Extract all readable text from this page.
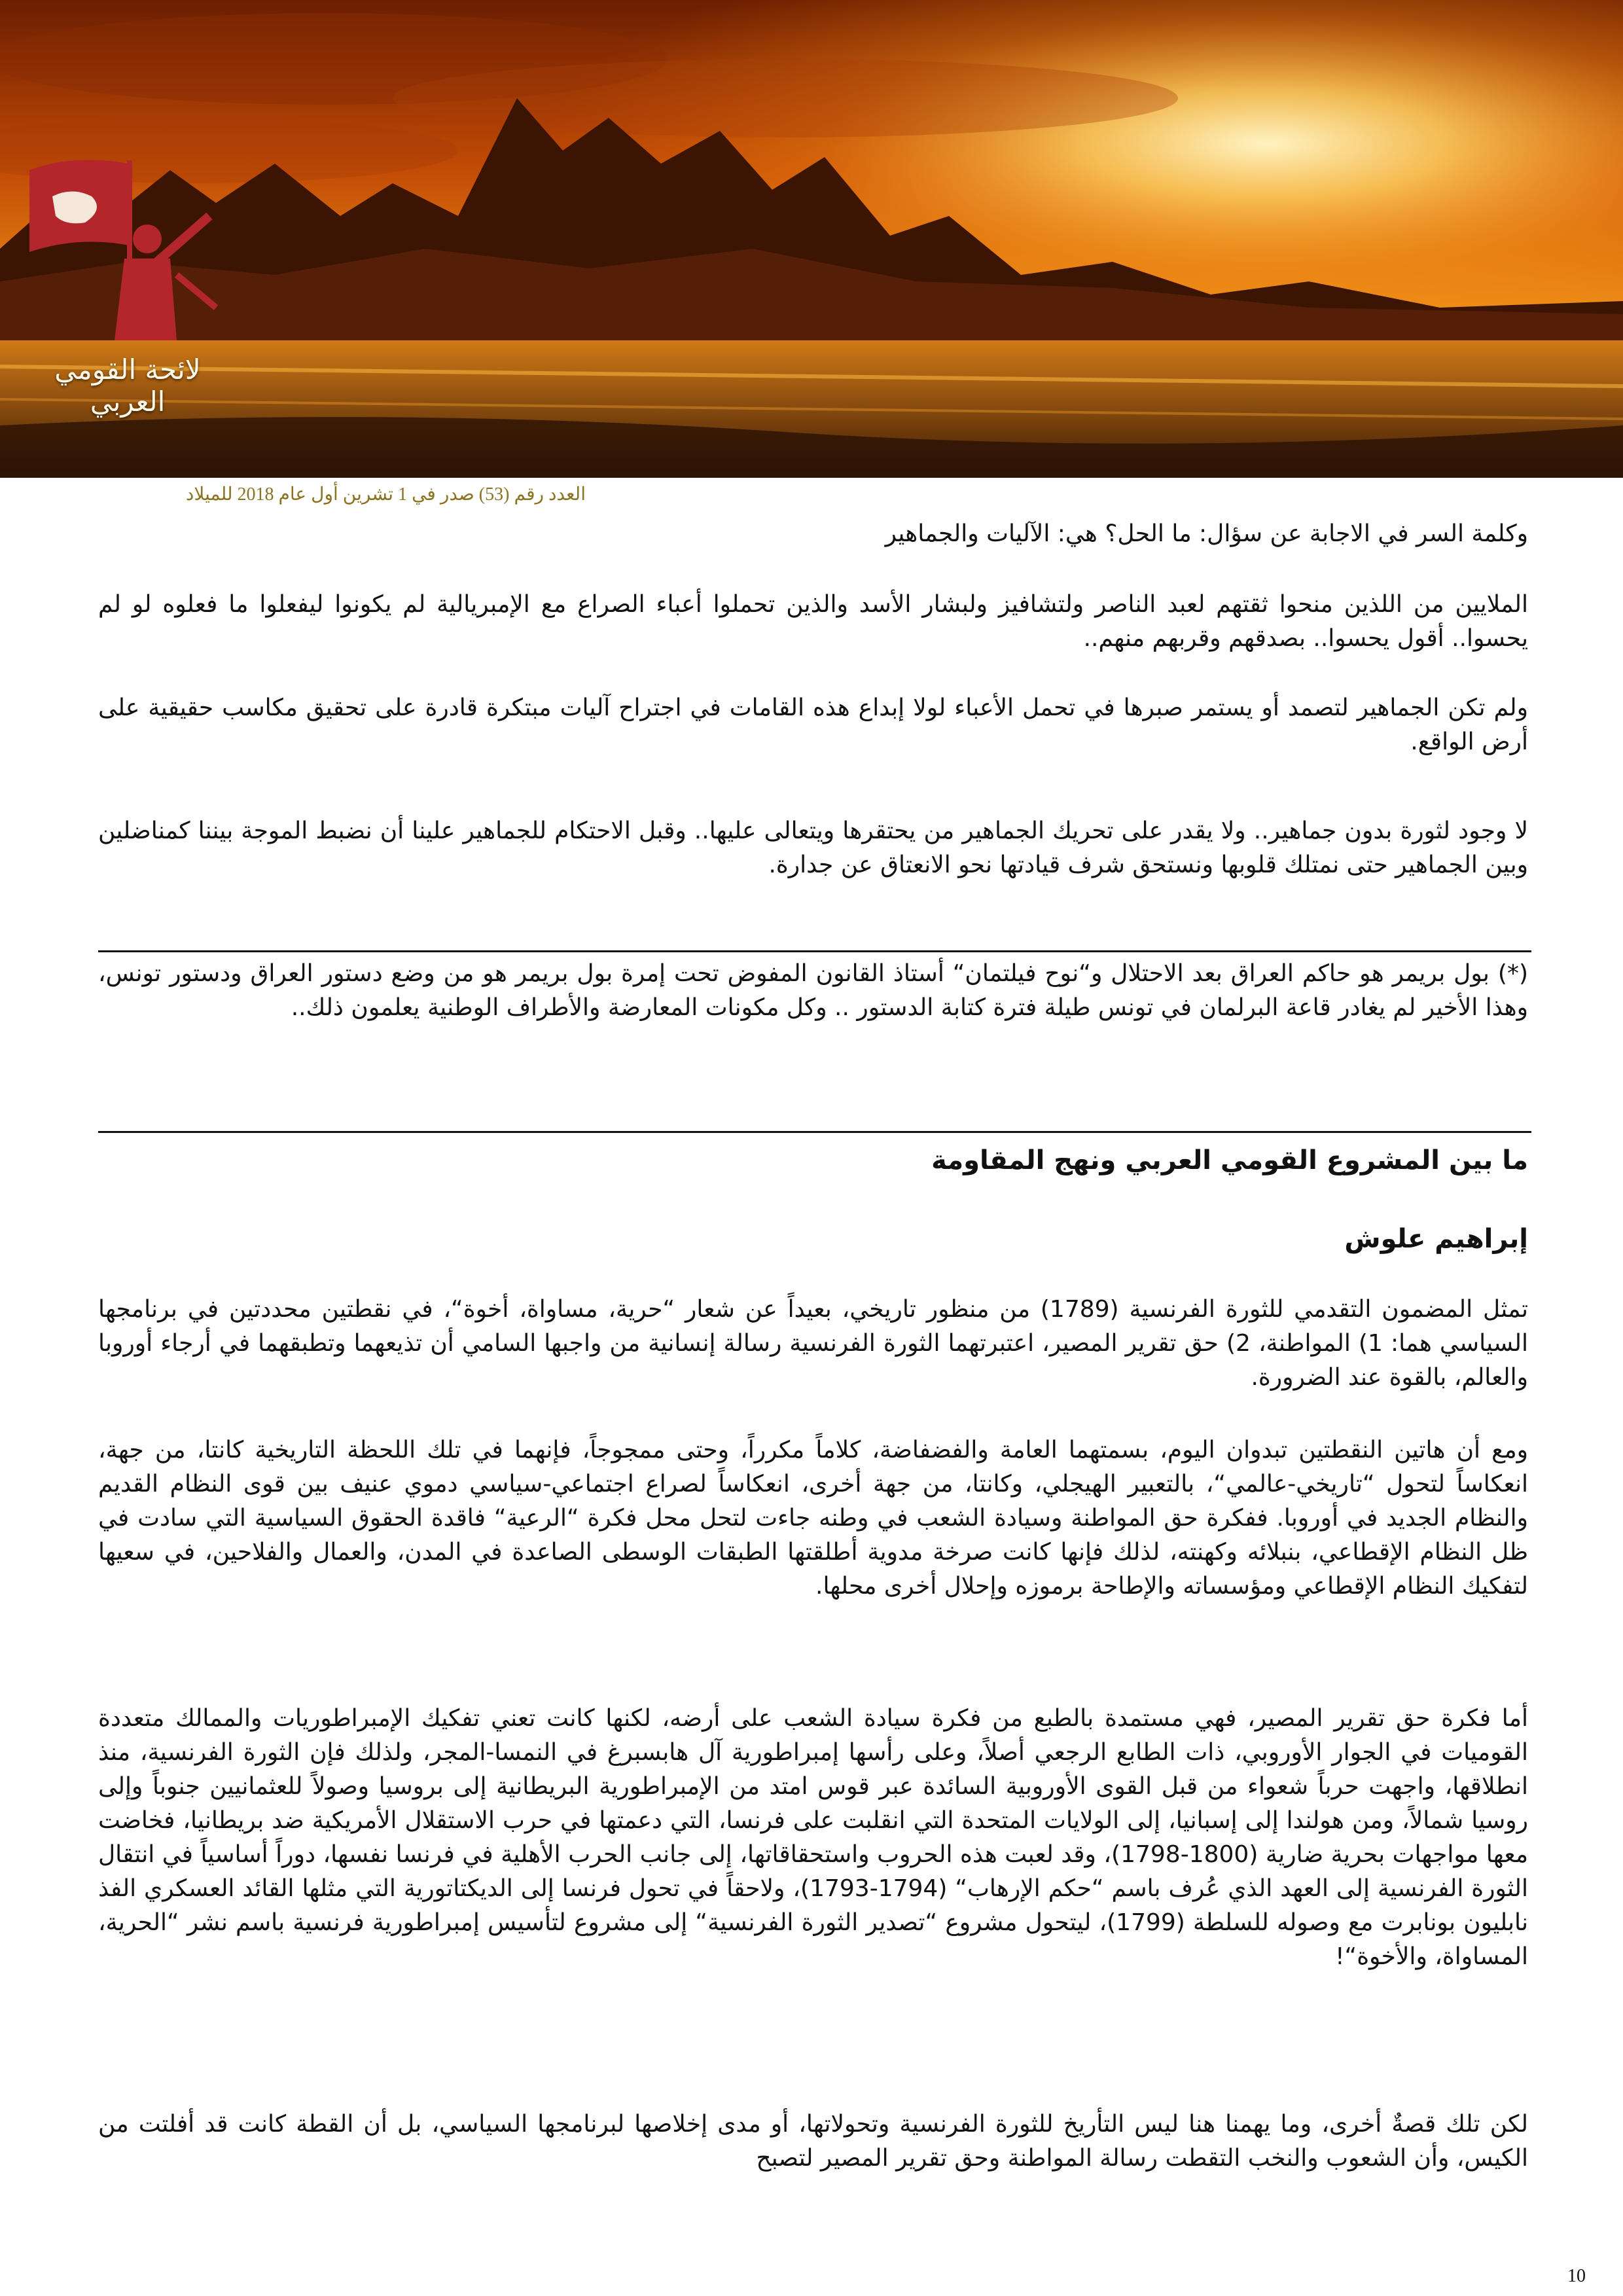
لائحة القومي العربي
العدد رقم (53) صدر في 1 تشرين أول عام 2018 للميلاد

وكلمة السر في الاجابة عن سؤال: ما الحل؟ هي: الآليات والجماهير

الملايين من اللذين منحوا ثقتهم لعبد الناصر ولتشافيز ولبشار الأسد والذين تحملوا أعباء الصراع مع الإمبريالية لم يكونوا ليفعلوا ما فعلوه لو لم يحسوا.. أقول يحسوا.. بصدقهم وقربهم منهم..

ولم تكن الجماهير لتصمد أو يستمر صبرها في تحمل الأعباء لولا إبداع هذه القامات في اجتراح آليات مبتكرة قادرة على تحقيق مكاسب حقيقية على أرض الواقع.

لا وجود لثورة بدون جماهير.. ولا يقدر على تحريك الجماهير من يحتقرها ويتعالى عليها.. وقبل الاحتكام للجماهير علينا أن نضبط الموجة بيننا كمناضلين وبين الجماهير حتى نمتلك قلوبها ونستحق شرف قيادتها نحو الانعتاق عن جدارة.

(*) بول بريمر هو حاكم العراق بعد الاحتلال و“نوح فيلتمان“ أستاذ القانون المفوض تحت إمرة بول بريمر هو من وضع دستور العراق ودستور تونس، وهذا الأخير لم يغادر قاعة البرلمان في تونس طيلة فترة كتابة الدستور .. وكل مكونات المعارضة والأطراف الوطنية يعلمون ذلك..

ما بين المشروع القومي العربي ونهج المقاومة
إبراهيم علوش

تمثل المضمون التقدمي للثورة الفرنسية (1789) من منظور تاريخي، بعيداً عن شعار “حرية، مساواة، أخوة“، في نقطتين محددتين في برنامجها السياسي هما: 1) المواطنة، 2) حق تقرير المصير، اعتبرتهما الثورة الفرنسية رسالة إنسانية من واجبها السامي أن تذيعهما وتطبقهما في أرجاء أوروبا والعالم، بالقوة عند الضرورة.

ومع أن هاتين النقطتين تبدوان اليوم، بسمتهما العامة والفضفاضة، كلاماً مكرراً، وحتى ممجوجاً، فإنهما في تلك اللحظة التاريخية كانتا، من جهة، انعكاساً لتحول “تاريخي-عالمي“، بالتعبير الهيجلي، وكانتا، من جهة أخرى، انعكاساً لصراع اجتماعي-سياسي دموي عنيف بين قوى النظام القديم والنظام الجديد في أوروبا. ففكرة حق المواطنة وسيادة الشعب في وطنه جاءت لتحل محل فكرة “الرعية“ فاقدة الحقوق السياسية التي سادت في ظل النظام الإقطاعي، بنبلائه وكهنته، لذلك فإنها كانت صرخة مدوية أطلقتها الطبقات الوسطى الصاعدة في المدن، والعمال والفلاحين، في سعيها لتفكيك النظام الإقطاعي ومؤسساته والإطاحة برموزه وإحلال أخرى محلها.

أما فكرة حق تقرير المصير، فهي مستمدة بالطبع من فكرة سيادة الشعب على أرضه، لكنها كانت تعني تفكيك الإمبراطوريات والممالك متعددة القوميات في الجوار الأوروبي، ذات الطابع الرجعي أصلاً، وعلى رأسها إمبراطورية آل هابسبرغ في النمسا-المجر، ولذلك فإن الثورة الفرنسية، منذ انطلاقها، واجهت حرباً شعواء من قبل القوى الأوروبية السائدة عبر قوس امتد من الإمبراطورية البريطانية إلى بروسيا وصولاً للعثمانيين جنوباً وإلى روسيا شمالاً، ومن هولندا إلى إسبانيا، إلى الولايات المتحدة التي انقلبت على فرنسا، التي دعمتها في حرب الاستقلال الأمريكية ضد بريطانيا، فخاضت معها مواجهات بحرية ضارية (1800-1798)، وقد لعبت هذه الحروب واستحقاقاتها، إلى جانب الحرب الأهلية في فرنسا نفسها، دوراً أساسياً في انتقال الثورة الفرنسية إلى العهد الذي عُرف باسم “حكم الإرهاب“ (1794-1793)، ولاحقاً في تحول فرنسا إلى الديكتاتورية التي مثلها القائد العسكري الفذ نابليون بونابرت مع وصوله للسلطة (1799)، ليتحول مشروع “تصدير الثورة الفرنسية“ إلى مشروع لتأسيس إمبراطورية فرنسية باسم نشر “الحرية، المساواة، والأخوة“!

لكن تلك قصةٌ أخرى، وما يهمنا هنا ليس التأريخ للثورة الفرنسية وتحولاتها، أو مدى إخلاصها لبرنامجها السياسي، بل أن القطة كانت قد أفلتت من الكيس، وأن الشعوب والنخب التقطت رسالة المواطنة وحق تقرير المصير لتصبح

10
